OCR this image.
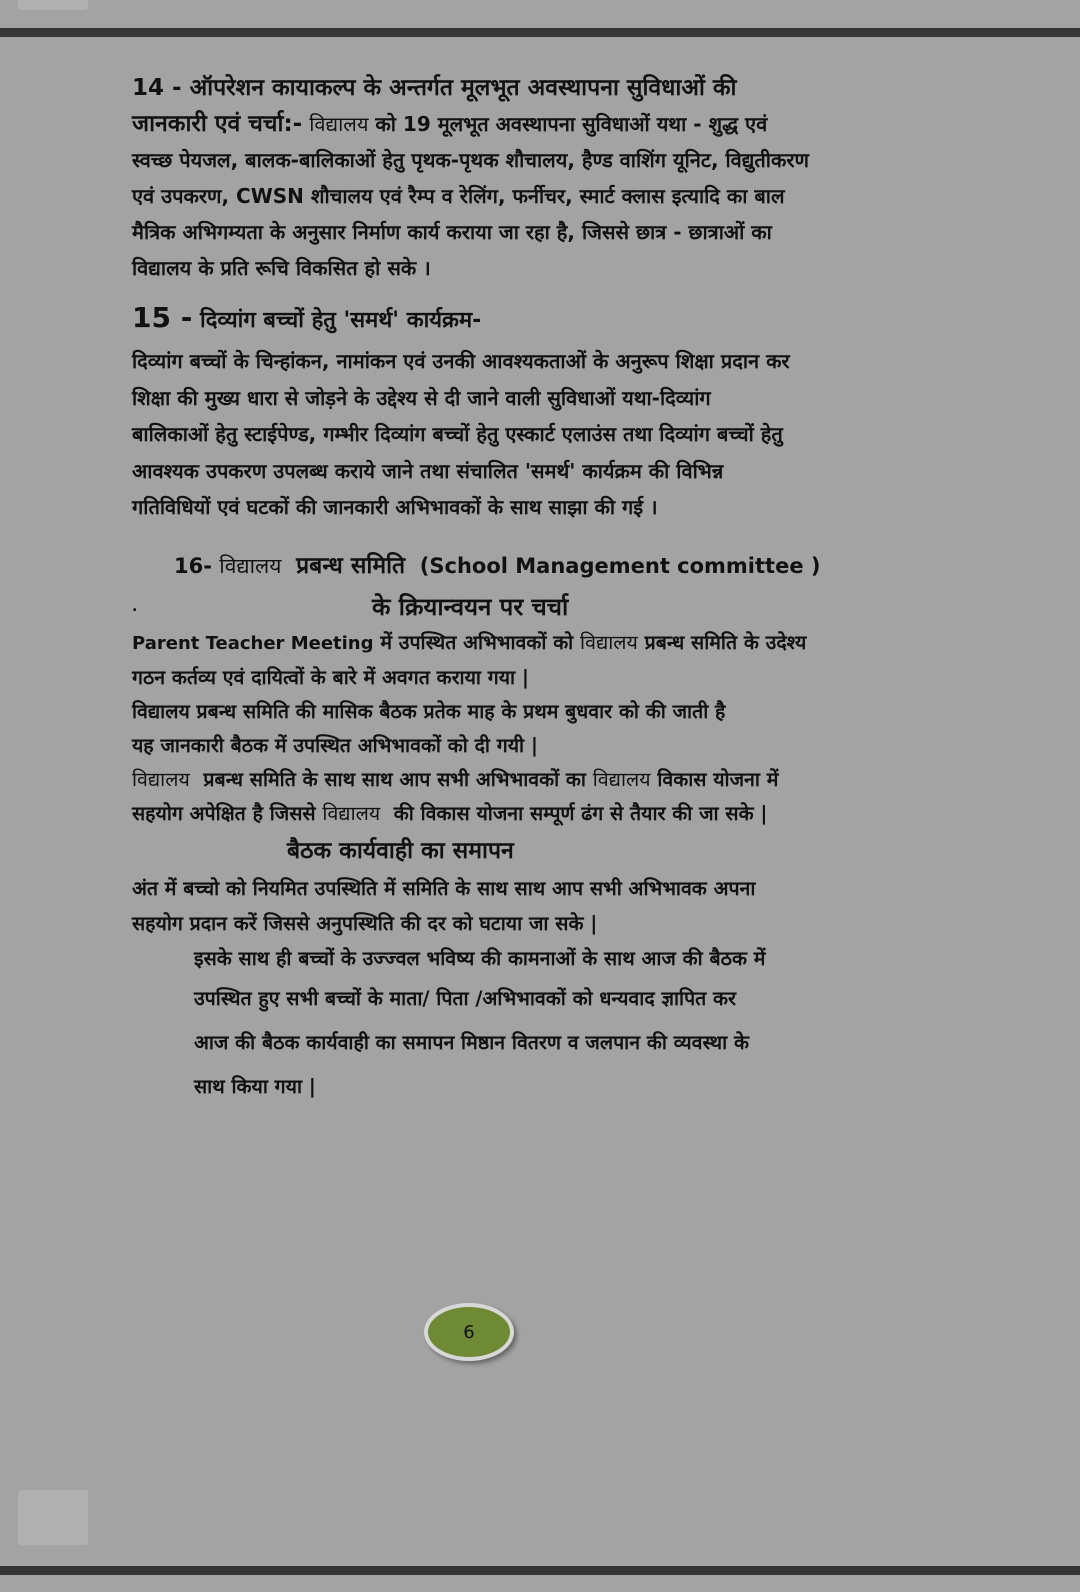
14 - ऑपरेशन कायाकल्प के अन्तर्गत मूलभूत अवस्थापना सुविधाओं की
जानकारी एवं चर्चा:- विद्यालय को 19 मूलभूत अवस्थापना सुविधाओं यथा - शुद्ध एवं
स्वच्छ पेयजल, बालक-बालिकाओं हेतु पृथक-पृथक शौचालय, हैण्ड वाशिंग यूनिट, विद्युतीकरण
एवं उपकरण, CWSN शौचालय एवं रैम्प व रेलिंग, फर्नीचर, स्मार्ट क्लास इत्यादि का बाल
मैत्रिक अभिगम्यता के अनुसार निर्माण कार्य कराया जा रहा है, जिससे छात्र - छात्राओं का
विद्यालय के प्रति रूचि विकसित हो सके ।
15 - दिव्यांग बच्चों हेतु 'समर्थ' कार्यक्रम-
दिव्यांग बच्चों के चिन्हांकन, नामांकन एवं उनकी आवश्यकताओं के अनुरूप शिक्षा प्रदान कर
शिक्षा की मुख्य धारा से जोड़ने के उद्देश्य से दी जाने वाली सुविधाओं यथा-दिव्यांग
बालिकाओं हेतु स्टाईपेण्ड, गम्भीर दिव्यांग बच्चों हेतु एस्कार्ट एलाउंस तथा दिव्यांग बच्चों हेतु
आवश्यक उपकरण उपलब्ध कराये जाने तथा संचालित 'समर्थ' कार्यक्रम की विभिन्न
गतिविधियों एवं घटकों की जानकारी अभिभावकों के साथ साझा की गई ।
16- विद्यालय प्रबन्ध समिति (School Management committee )
.	के क्रियान्वयन पर चर्चा
Parent Teacher Meeting में उपस्थित अभिभावकों को विद्यालय प्रबन्ध समिति के उदेश्य
गठन कर्तव्य एवं दायित्वों के बारे में अवगत कराया गया |
विद्यालय प्रबन्ध समिति की मासिक बैठक प्रतेक माह के प्रथम बुधवार को की जाती है
यह जानकारी बैठक में उपस्थित अभिभावकों को दी गयी |
विद्यालय प्रबन्ध समिति के साथ साथ आप सभी अभिभावकों का विद्यालय विकास योजना में
सहयोग अपेक्षित है जिससे विद्यालय की विकास योजना सम्पूर्ण ढंग से तैयार की जा सके |
बैठक कार्यवाही का समापन
अंत में बच्चो को नियमित उपस्थिति में समिति के साथ साथ आप सभी अभिभावक अपना
सहयोग प्रदान करें जिससे अनुपस्थिति की दर को घटाया जा सके |
इसके साथ ही बच्चों के उज्ज्वल भविष्य की कामनाओं के साथ आज की बैठक में
उपस्थित हुए सभी बच्चों के माता/ पिता /अभिभावकों को धन्यवाद ज्ञापित कर
आज की बैठक कार्यवाही का समापन मिष्ठान वितरण व जलपान की व्यवस्था के
साथ किया गया |
6
